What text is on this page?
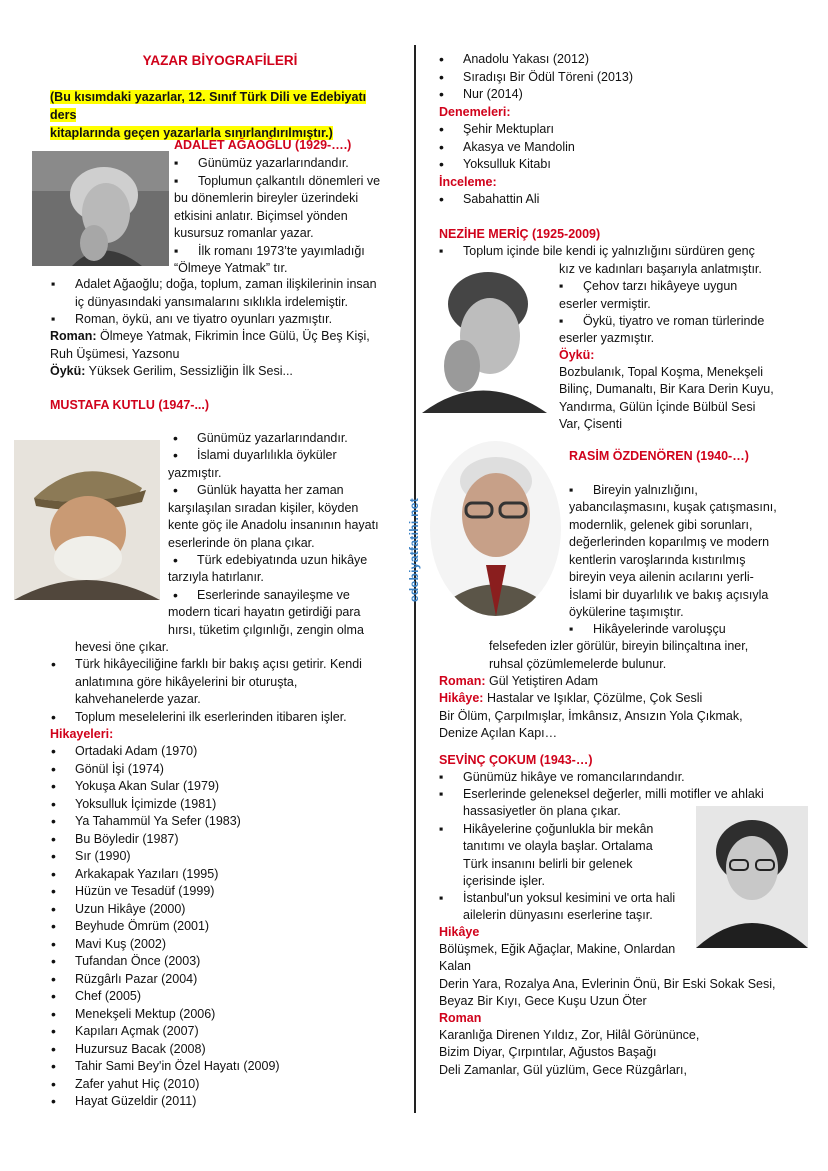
YAZAR BİYOGRAFİLERİ
(Bu kısımdaki yazarlar, 12. Sınıf Türk Dili ve Edebiyatı ders
kitaplarında geçen yazarlarla sınırlandırılmıştır.)
ADALET AĞAOĞLU (1929-….)
▪ Günümüz yazarlarındandır.
▪ Toplumun çalkantılı dönemleri ve
bu dönemlerin bireyler üzerindeki
etkisini anlatır. Biçimsel yönden
kusursuz romanlar yazar.
▪ İlk romanı 1973’te yayımladığı
“Ölmeye Yatmak” tır.
▪ Adalet Ağaoğlu; doğa, toplum, zaman ilişkilerinin insan
iç dünyasındaki yansımalarını sıklıkla irdelemiştir.
▪ Roman, öykü, anı ve tiyatro oyunları yazmıştır.
Roman: Ölmeye Yatmak, Fikrimin İnce Gülü, Üç Beş Kişi,
Ruh Üşümesi, Yazsonu
Öykü: Yüksek Gerilim, Sessizliğin İlk Sesi...
MUSTAFA KUTLU (1947-...)
• Günümüz yazarlarındandır.
• İslami duyarlılıkla öyküler
yazmıştır.
• Günlük hayatta her zaman
karşılaşılan sıradan kişiler, köyden
kente göç ile Anadolu insanının hayatı
eserlerinde ön plana çıkar.
• Türk edebiyatında uzun hikâye
tarzıyla hatırlanır.
• Eserlerinde sanayileşme ve
modern ticari hayatın getirdiği para
hırsı, tüketim çılgınlığı, zengin olma
hevesi öne çıkar.
• Türk hikâyeciliğine farklı bir bakış açısı getirir. Kendi
anlatımına göre hikâyelerini bir oturuşta,
kahvehanelerde yazar.
• Toplum meselelerini ilk eserlerinden itibaren işler.
Hikayeleri:
• Ortadaki Adam (1970)
• Gönül İşi (1974)
• Yokuşa Akan Sular (1979)
• Yoksulluk İçimizde (1981)
• Ya Tahammül Ya Sefer (1983)
• Bu Böyledir (1987)
• Sır (1990)
• Arkakapak Yazıları (1995)
• Hüzün ve Tesadüf (1999)
• Uzun Hikâye (2000)
• Beyhude Ömrüm (2001)
• Mavi Kuş (2002)
• Tufandan Önce (2003)
• Rüzgârlı Pazar (2004)
• Chef (2005)
• Menekşeli Mektup (2006)
• Kapıları Açmak (2007)
• Huzursuz Bacak (2008)
• Tahir Sami Bey'in Özel Hayatı (2009)
• Zafer yahut Hiç (2010)
• Hayat Güzeldir (2011)
edebiyatfatihi.net
• Anadolu Yakası (2012)
• Sıradışı Bir Ödül Töreni (2013)
• Nur (2014)
Denemeleri:
• Şehir Mektupları
• Akasya ve Mandolin
• Yoksulluk Kitabı
İnceleme:
• Sabahattin Ali
NEZİHE MERİÇ (1925-2009)
▪ Toplum içinde bile kendi iç yalnızlığını sürdüren genç
kız ve kadınları başarıyla anlatmıştır.
▪ Çehov tarzı hikâyeye uygun
eserler vermiştir.
▪ Öykü, tiyatro ve roman türlerinde
eserler yazmıştır.
Öykü:
Bozbulanık, Topal Koşma, Menekşeli
Bilinç, Dumanaltı, Bir Kara Derin Kuyu,
Yandırma, Gülün İçinde Bülbül Sesi
Var, Çisenti
RASİM ÖZDENÖREN (1940-…)
▪ Bireyin yalnızlığını,
yabancılaşmasını, kuşak çatışmasını,
modernlik, gelenek gibi sorunları,
değerlerinden koparılmış ve modern
kentlerin varoşlarında kıstırılmış
bireyin veya ailenin acılarını yerli-
İslami bir duyarlılık ve bakış açısıyla
öykülerine taşımıştır.
▪ Hikâyelerinde varoluşçu
felsefeden izler görülür, bireyin bilinçaltına iner,
ruhsal çözümlemelerde bulunur.
Roman: Gül Yetiştiren Adam
Hikâye: Hastalar ve Işıklar, Çözülme, Çok Sesli
Bir Ölüm, Çarpılmışlar, İmkânsız, Ansızın Yola Çıkmak,
Denize Açılan Kapı…
SEVİNÇ ÇOKUM (1943-…)
▪ Günümüz hikâye ve romancılarındandır.
▪ Eserlerinde geleneksel değerler, milli motifler ve ahlaki
hassasiyetler ön plana çıkar.
▪ Hikâyelerine çoğunlukla bir mekân
tanıtımı ve olayla başlar. Ortalama
Türk insanını belirli bir gelenek
içerisinde işler.
▪ İstanbul'un yoksul kesimini ve orta hali
ailelerin dünyasını eserlerine taşır.
Hikâye
Bölüşmek, Eğik Ağaçlar, Makine, Onlardan
Kalan
Derin Yara, Rozalya Ana, Evlerinin Önü, Bir Eski Sokak Sesi,
Beyaz Bir Kıyı, Gece Kuşu Uzun Öter
Roman
Karanlığa Direnen Yıldız, Zor, Hilâl Görününce,
Bizim Diyar, Çırpıntılar, Ağustos Başağı
Deli Zamanlar, Gül yüzlüm, Gece Rüzgârları,
